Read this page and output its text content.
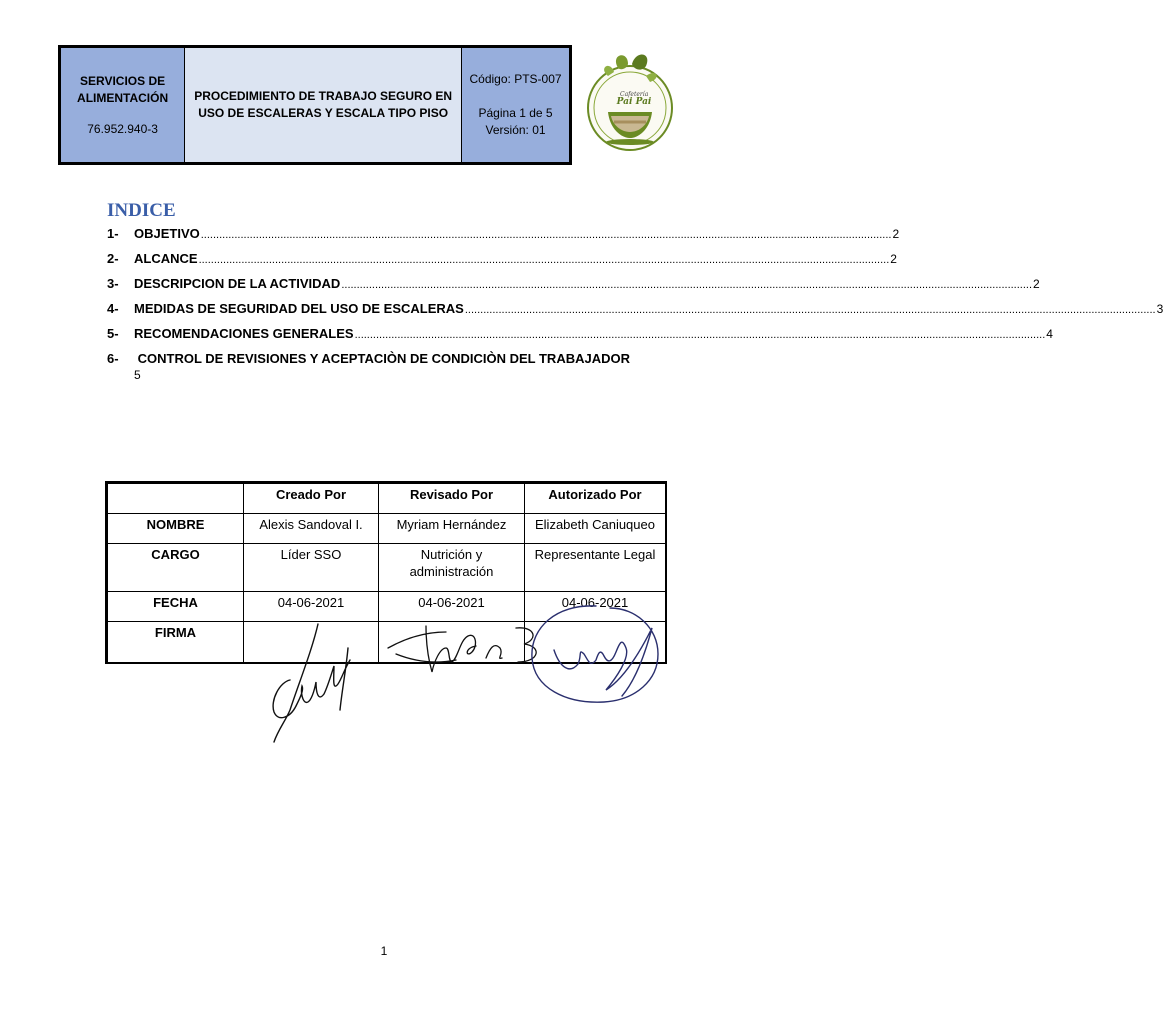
SERVICIOS DE ALIMENTACIÓN
76.952.940-3
	PROCEDIMIENTO DE TRABAJO SEGURO EN USO DE ESCALERAS Y ESCALA TIPO PISO	
Código: PTS-007
Página 1 de 5
Versión: 01
Cafetería
Pai Pai
INDICE
1-	OBJETIVO .................................................................................................................................................................................................................................. 2
2-	ALCANCE .................................................................................................................................................................................................................................. 2
3-	DESCRIPCION DE LA ACTIVIDAD .................................................................................................................................................................................................................................. 2
4-	MEDIDAS DE SEGURIDAD DEL USO DE ESCALERAS .................................................................................................................................................................................................................................. 3
5-	RECOMENDACIONES GENERALES .................................................................................................................................................................................................................................. 4
6- CONTROL DE REVISIONES Y ACEPTACIÒN DE CONDICIÒN DEL TRABAJADOR
5
	Creado Por	Revisado Por	Autorizado Por
NOMBRE	Alexis Sandoval I.	Myriam Hernández	Elizabeth Caniuqueo
CARGO	Líder SSO	Nutrición y administración	Representante Legal
FECHA	04-06-2021	04-06-2021	04-06-2021
FIRMA			
1
